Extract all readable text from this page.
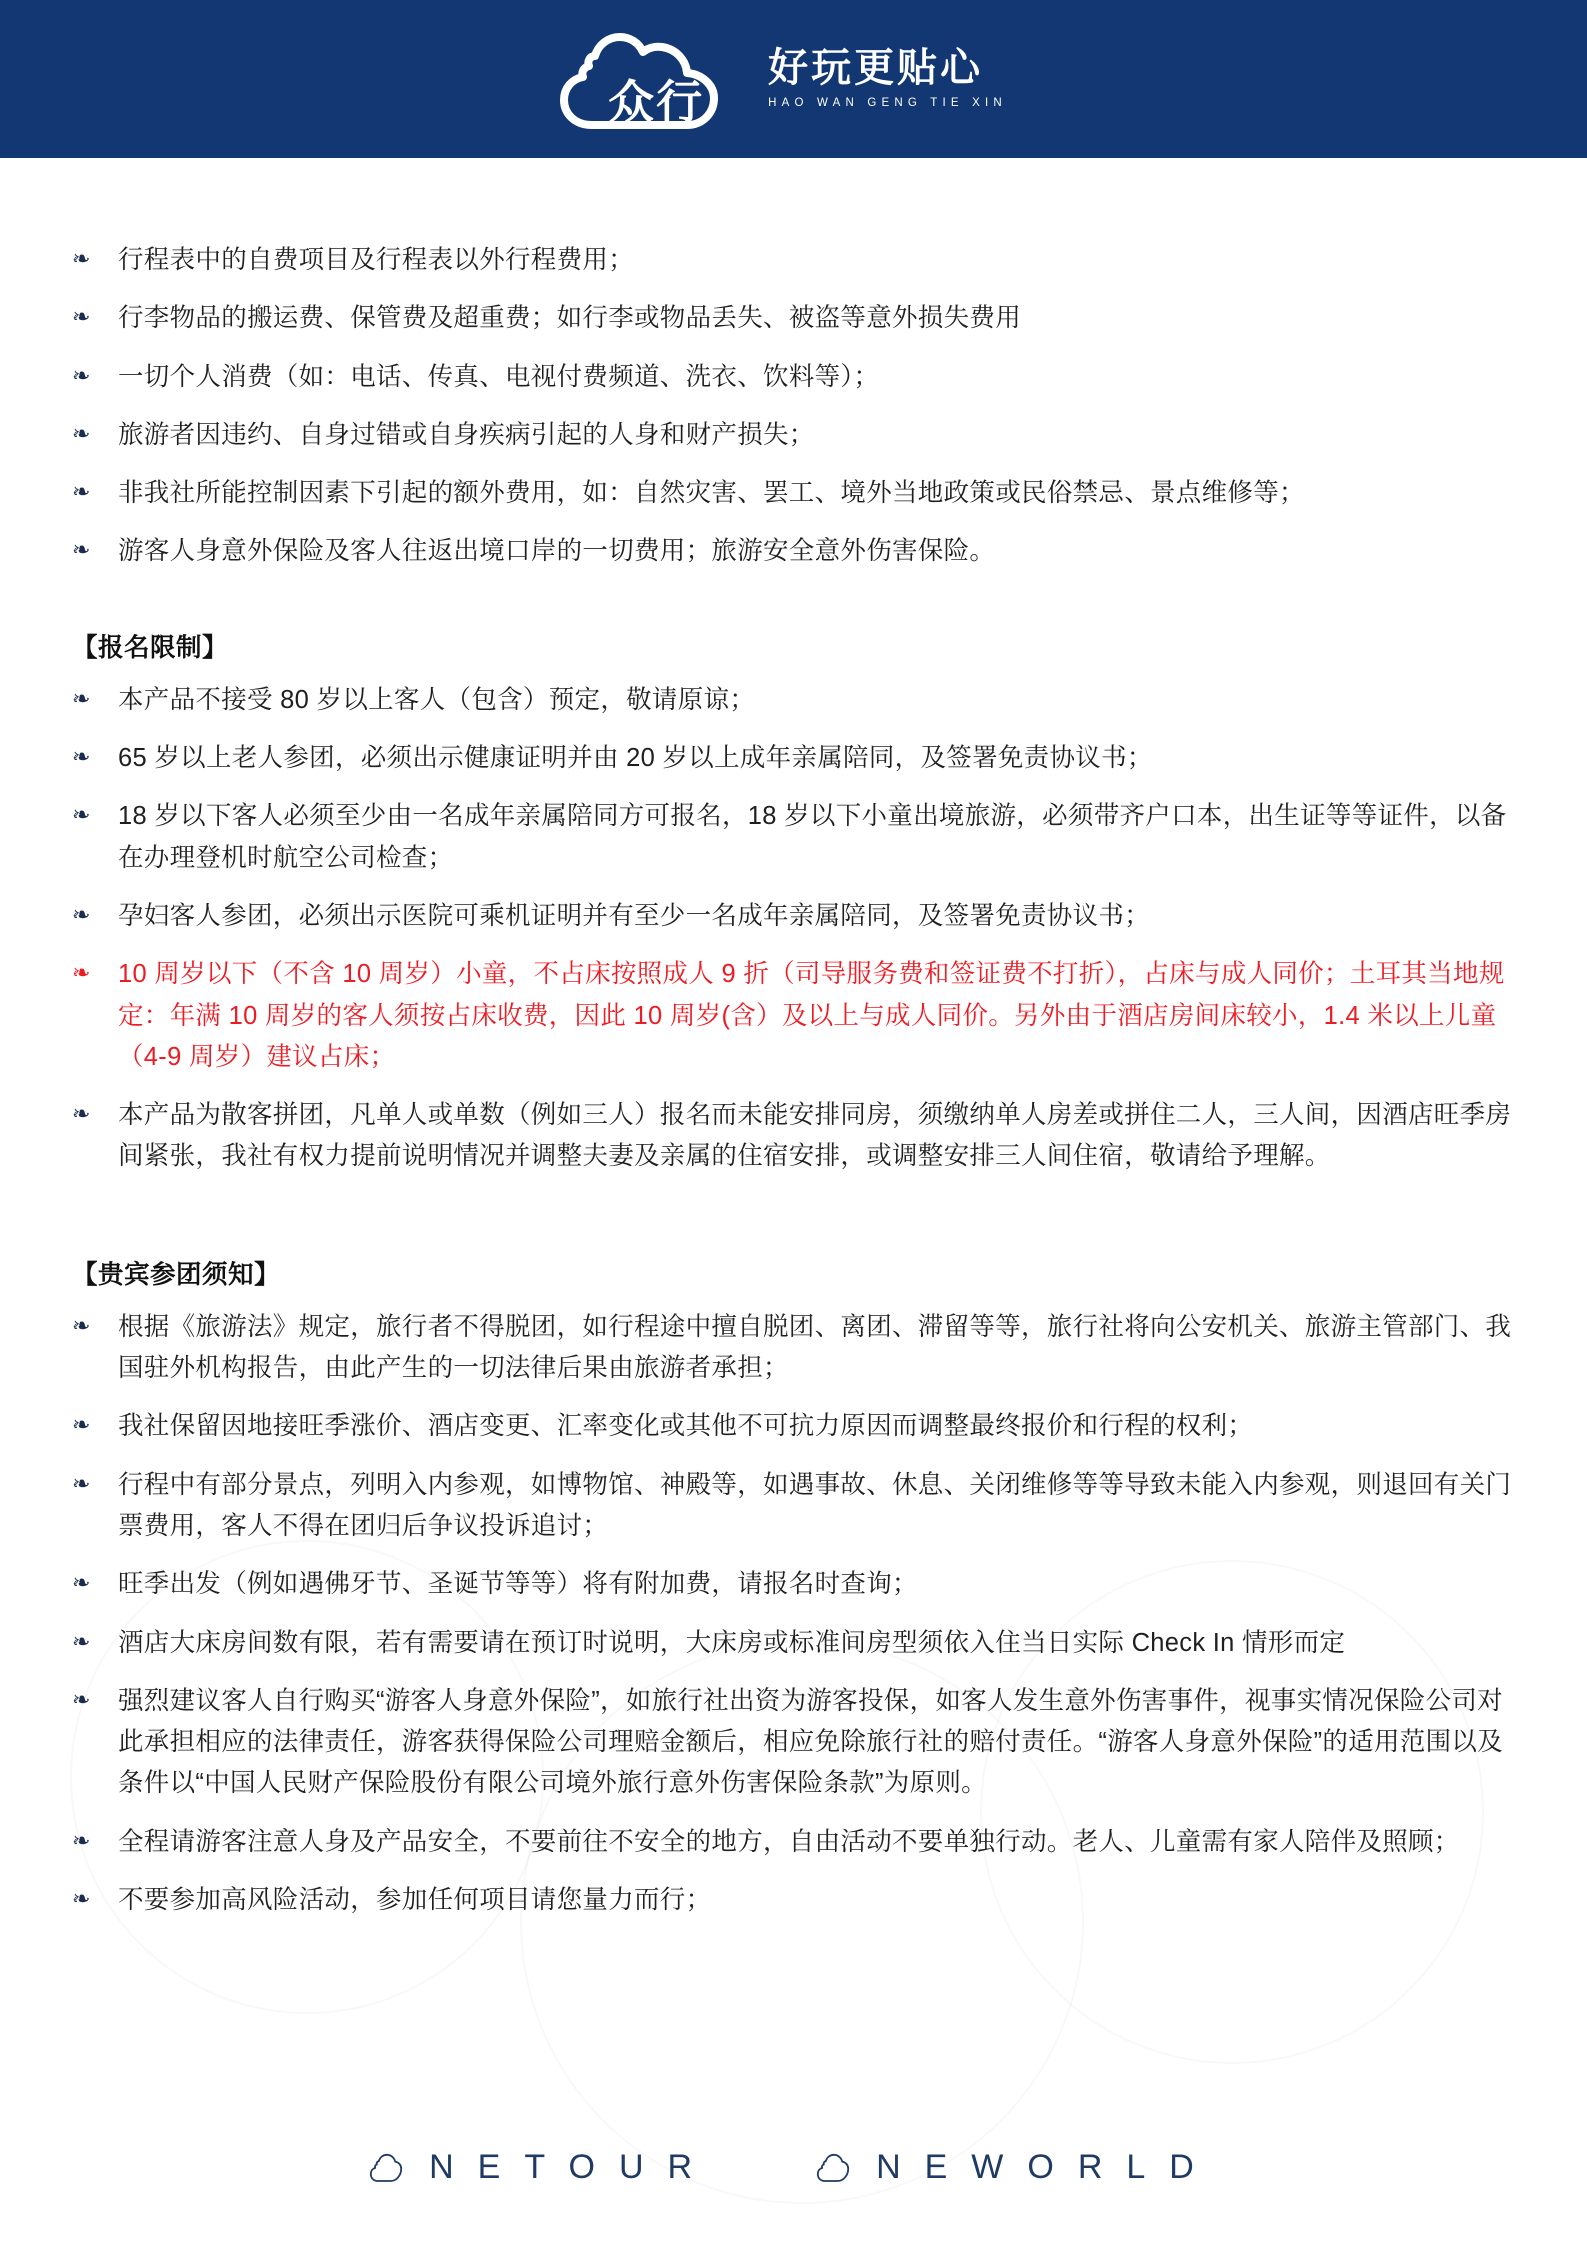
众行
好玩更贴心
HAO WAN GENG TIE XIN
❧ 行程表中的自费项目及行程表以外行程费用；
❧ 行李物品的搬运费、保管费及超重费；如行李或物品丢失、被盗等意外损失费用
❧ 一切个人消费（如：电话、传真、电视付费频道、洗衣、饮料等）；
❧ 旅游者因违约、自身过错或自身疾病引起的人身和财产损失；
❧ 非我社所能控制因素下引起的额外费用，如：自然灾害、罢工、境外当地政策或民俗禁忌、景点维修等；
❧ 游客人身意外保险及客人往返出境口岸的一切费用；旅游安全意外伤害保险。
【报名限制】
❧ 本产品不接受 80 岁以上客人（包含）预定，敬请原谅；
❧ 65 岁以上老人参团，必须出示健康证明并由 20 岁以上成年亲属陪同，及签署免责协议书；
❧ 18 岁以下客人必须至少由一名成年亲属陪同方可报名，18 岁以下小童出境旅游，必须带齐户口本，出生证等等证件，以备在办理登机时航空公司检查；
❧ 孕妇客人参团，必须出示医院可乘机证明并有至少一名成年亲属陪同，及签署免责协议书；
❧ 10 周岁以下（不含 10 周岁）小童，不占床按照成人 9 折（司导服务费和签证费不打折），占床与成人同价；土耳其当地规定：年满 10 周岁的客人须按占床收费，因此 10 周岁(含）及以上与成人同价。另外由于酒店房间床较小，1.4 米以上儿童（4-9 周岁）建议占床；
❧ 本产品为散客拼团，凡单人或单数（例如三人）报名而未能安排同房，须缴纳单人房差或拼住二人，三人间，因酒店旺季房间紧张，我社有权力提前说明情况并调整夫妻及亲属的住宿安排，或调整安排三人间住宿，敬请给予理解。
【贵宾参团须知】
❧ 根据《旅游法》规定，旅行者不得脱团，如行程途中擅自脱团、离团、滞留等等，旅行社将向公安机关、旅游主管部门、我国驻外机构报告，由此产生的一切法律后果由旅游者承担；
❧ 我社保留因地接旺季涨价、酒店变更、汇率变化或其他不可抗力原因而调整最终报价和行程的权利；
❧ 行程中有部分景点，列明入内参观，如博物馆、神殿等，如遇事故、休息、关闭维修等等导致未能入内参观，则退回有关门票费用，客人不得在团归后争议投诉追讨；
❧ 旺季出发（例如遇佛牙节、圣诞节等等）将有附加费，请报名时查询；
❧ 酒店大床房间数有限，若有需要请在预订时说明，大床房或标准间房型须依入住当日实际 Check In 情形而定
❧ 强烈建议客人自行购买“游客人身意外保险”，如旅行社出资为游客投保，如客人发生意外伤害事件，视事实情况保险公司对此承担相应的法律责任，游客获得保险公司理赔金额后，相应免除旅行社的赔付责任。“游客人身意外保险”的适用范围以及条件以“中国人民财产保险股份有限公司境外旅行意外伤害保险条款”为原则。
❧ 全程请游客注意人身及产品安全，不要前往不安全的地方，自由活动不要单独行动。老人、儿童需有家人陪伴及照顾；
❧ 不要参加高风险活动，参加任何项目请您量力而行；
NETOUR	NEWORLD
